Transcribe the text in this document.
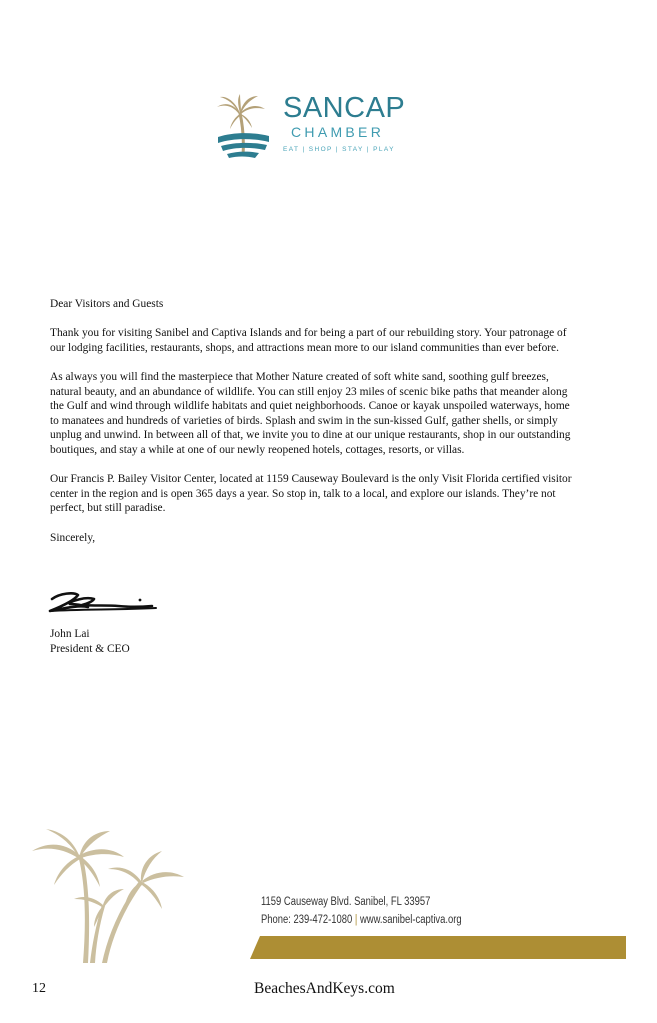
SANCAP
CHAMBER
EAT | SHOP | STAY | PLAY

Dear Visitors and Guests

Thank you for visiting Sanibel and Captiva Islands and for being a part of our rebuilding story. Your patronage of our lodging facilities, restaurants, shops, and attractions mean more to our island communities than ever before.

As always you will find the masterpiece that Mother Nature created of soft white sand, soothing gulf breezes, natural beauty, and an abundance of wildlife. You can still enjoy 23 miles of scenic bike paths that meander along the Gulf and wind through wildlife habitats and quiet neighborhoods. Canoe or kayak unspoiled waterways, home to manatees and hundreds of varieties of birds. Splash and swim in the sun-kissed Gulf, gather shells, or simply unplug and unwind. In between all of that, we invite you to dine at our unique restaurants, shop in our outstanding boutiques, and stay a while at one of our newly reopened hotels, cottages, resorts, or villas.

Our Francis P. Bailey Visitor Center, located at 1159 Causeway Boulevard is the only Visit Florida certified visitor center in the region and is open 365 days a year. So stop in, talk to a local, and explore our islands. They’re not perfect, but still paradise.

Sincerely,

John Lai
President & CEO
1159 Causeway Blvd. Sanibel, FL 33957
Phone: 239-472-1080 | www.sanibel-captiva.org
12	BeachesAndKeys.com
